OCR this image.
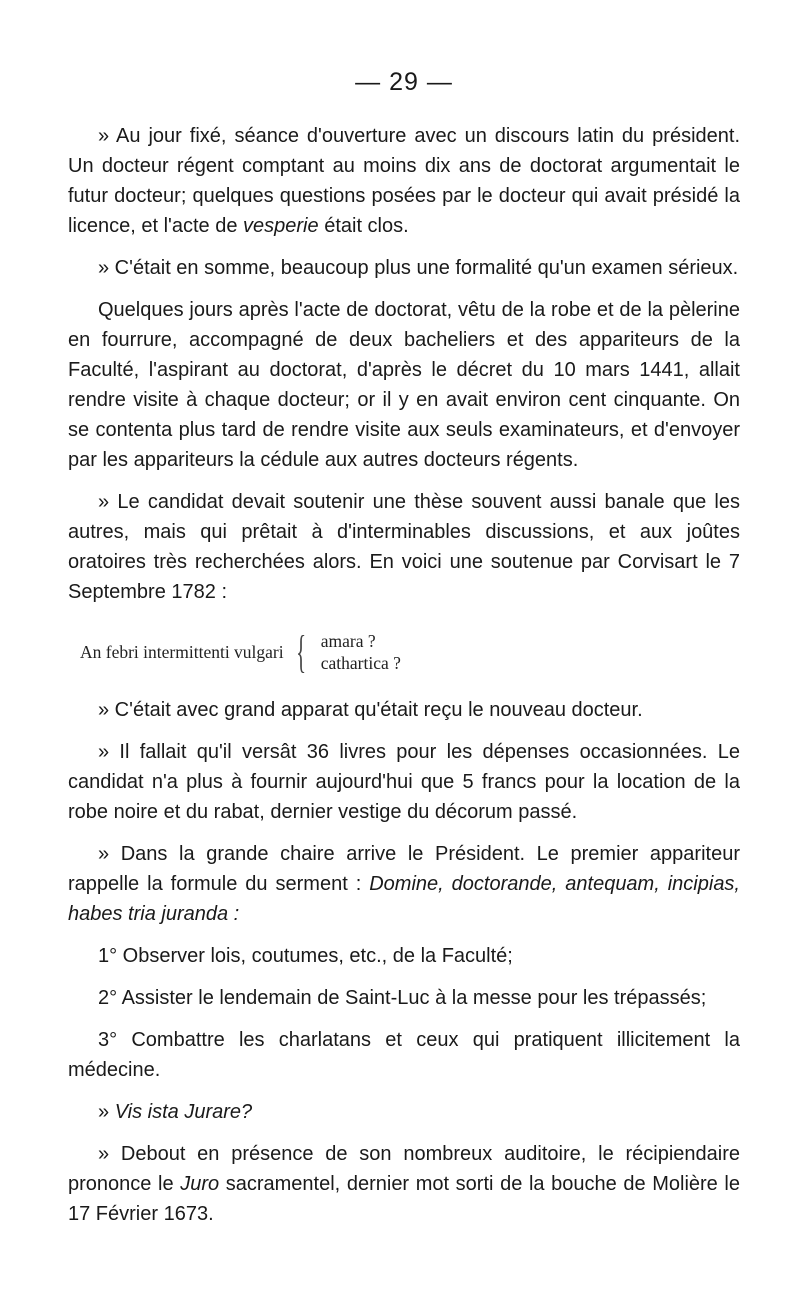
— 29 —

» Au jour fixé, séance d'ouverture avec un discours latin du président. Un docteur régent comptant au moins dix ans de doctorat argumentait le futur docteur; quelques questions posées par le docteur qui avait présidé la licence, et l'acte de vesperie était clos.

» C'était en somme, beaucoup plus une formalité qu'un examen sérieux.

Quelques jours après l'acte de doctorat, vêtu de la robe et de la pèlerine en fourrure, accompagné de deux bacheliers et des appariteurs de la Faculté, l'aspirant au doctorat, d'après le décret du 10 mars 1441, allait rendre visite à chaque docteur; or il y en avait environ cent cinquante. On se contenta plus tard de rendre visite aux seuls examinateurs, et d'envoyer par les appariteurs la cédule aux autres docteurs régents.

» Le candidat devait soutenir une thèse souvent aussi banale que les autres, mais qui prêtait à d'interminables discussions, et aux joûtes oratoires très recherchées alors. En voici une soutenue par Corvisart le 7 Septembre 1782 :

An febri intermittenti vulgari { amara ?
cathartica ?

» C'était avec grand apparat qu'était reçu le nouveau docteur.

» Il fallait qu'il versât 36 livres pour les dépenses occasionnées. Le candidat n'a plus à fournir aujourd'hui que 5 francs pour la location de la robe noire et du rabat, dernier vestige du décorum passé.

» Dans la grande chaire arrive le Président. Le premier appariteur rappelle la formule du serment : Domine, doctorande, antequam, incipias, habes tria juranda :

1° Observer lois, coutumes, etc., de la Faculté;

2° Assister le lendemain de Saint-Luc à la messe pour les trépassés;

3° Combattre les charlatans et ceux qui pratiquent illicitement la médecine.

» Vis ista Jurare?

» Debout en présence de son nombreux auditoire, le récipiendaire prononce le Juro sacramentel, dernier mot sorti de la bouche de Molière le 17 Février 1673.
